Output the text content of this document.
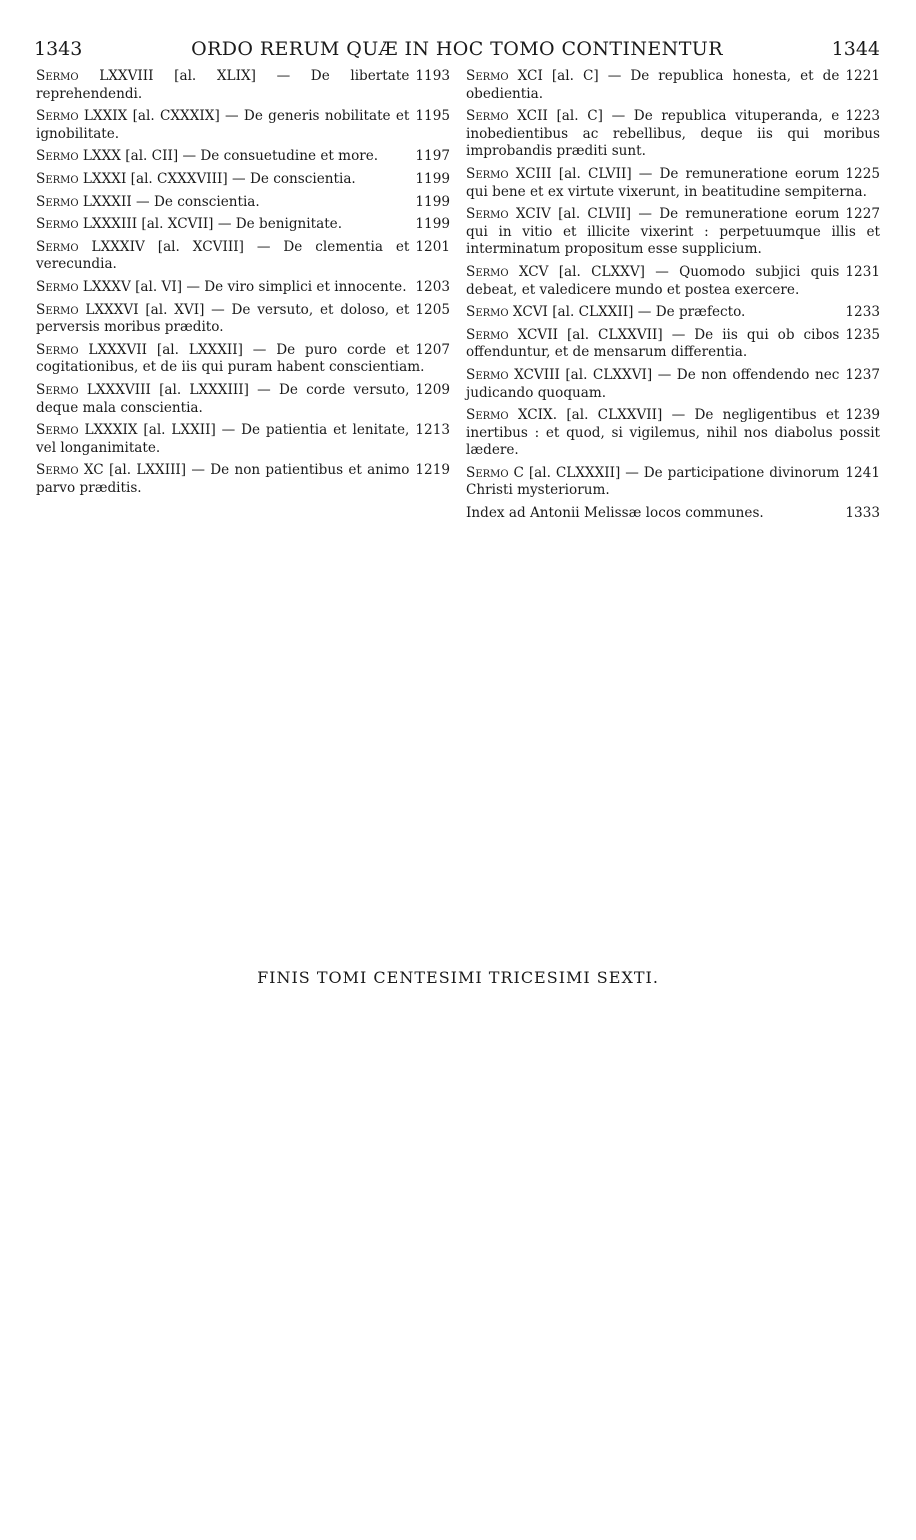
1343	ORDO RERUM QUÆ IN HOC TOMO CONTINENTUR	1344
1193
Sermo LXXVIII [al. XLIX] — De libertate reprehendendi.
1195
Sermo LXXIX [al. CXXXIX] — De generis nobilitate et ignobilitate.
1197
Sermo LXXX [al. CII] — De consuetudine et more.
1199
Sermo LXXXI [al. CXXXVIII] — De conscientia.
1199
Sermo LXXXII — De conscientia.
1199
Sermo LXXXIII [al. XCVII] — De benignitate.
1201
Sermo LXXXIV [al. XCVIII] — De clementia et verecundia.
1203
Sermo LXXXV [al. VI] — De viro simplici et innocente.
1205
Sermo LXXXVI [al. XVI] — De versuto, et doloso, et perversis moribus prædito.
1207
Sermo LXXXVII [al. LXXXII] — De puro corde et cogitationibus, et de iis qui puram habent conscientiam.
1209
Sermo LXXXVIII [al. LXXXIII] — De corde versuto, deque mala conscientia.
1213
Sermo LXXXIX [al. LXXII] — De patientia et lenitate, vel longanimitate.
1219
Sermo XC [al. LXXIII] — De non patientibus et animo parvo præditis.
1221
Sermo XCI [al. C] — De republica honesta, et de obedientia.
1223
Sermo XCII [al. C] — De republica vituperanda, e inobedientibus ac rebellibus, deque iis qui moribus improbandis præditi sunt.
1225
Sermo XCIII [al. CLVII] — De remuneratione eorum qui bene et ex virtute vixerunt, in beatitudine sempiterna.
1227
Sermo XCIV [al. CLVII] — De remuneratione eorum qui in vitio et illicite vixerint : perpetuumque illis et interminatum propositum esse supplicium.
1231
Sermo XCV [al. CLXXV] — Quomodo subjici quis debeat, et valedicere mundo et postea exercere.
1233
Sermo XCVI [al. CLXXII] — De præfecto.
1235
Sermo XCVII [al. CLXXVII] — De iis qui ob cibos offenduntur, et de mensarum differentia.
1237
Sermo XCVIII [al. CLXXVI] — De non offendendo nec judicando quoquam.
1239
Sermo XCIX. [al. CLXXVII] — De negligentibus et inertibus : et quod, si vigilemus, nihil nos diabolus possit lædere.
1241
Sermo C [al. CLXXXII] — De participatione divinorum Christi mysteriorum.
1333
Index ad Antonii Melissæ locos communes.
FINIS TOMI CENTESIMI TRICESIMI SEXTI.
